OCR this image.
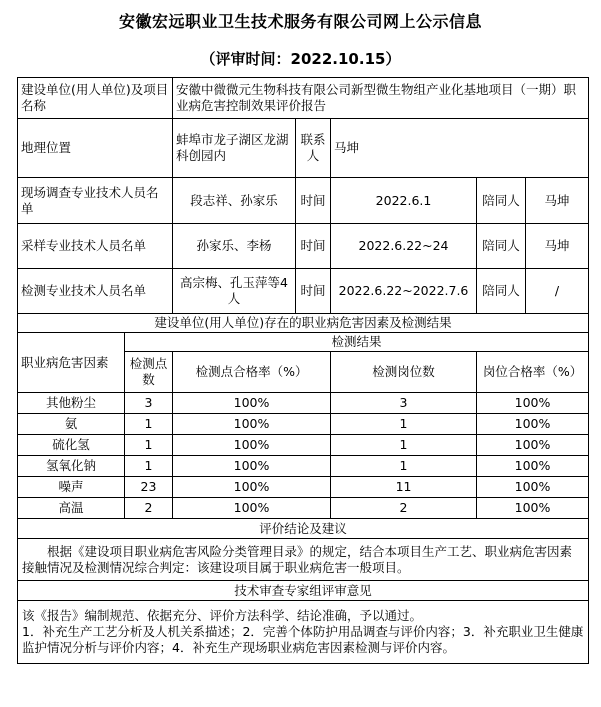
安徽宏远职业卫生技术服务有限公司网上公示信息
（评审时间：2022.10.15）
建设单位(用人单位)及项目名称		安徽中微微元生物科技有限公司新型微生物组产业化基地项目（一期）职业病危害控制效果评价报告				
地理位置		蚌埠市龙子湖区龙湖科创园内	联系人	马坤		
现场调查专业技术人员名单		段志祥、孙家乐	时间	2022.6.1	陪同人	马坤
采样专业技术人员名单		孙家乐、李杨	时间	2022.6.22~24	陪同人	马坤
检测专业技术人员名单		高宗梅、孔玉萍等4人	时间	2022.6.22~2022.7.6	陪同人	/
建设单位(用人单位)存在的职业病危害因素及检测结果						
职业病危害因素	检测结果					
	检测点数	检测点合格率（%）		检测岗位数	岗位合格率（%）	
其他粉尘	3	100%		3	100%	
氨	1	100%		1	100%	
硫化氢	1	100%		1	100%	
氢氧化钠	1	100%		1	100%	
噪声	23	100%		11	100%	
高温	2	100%		2	100%	
评价结论及建议						
根据《建设项目职业病危害风险分类管理目录》的规定，结合本项目生产工艺、职业病危害因素接触情况及检测情况综合判定：该建设项目属于职业病危害一般项目。						
技术审查专家组评审意见						

该《报告》编制规范、依据充分、评价方法科学、结论准确，予以通过。
1．补充生产工艺分析及人机关系描述；2．完善个体防护用品调查与评价内容；3．补充职业卫生健康监护情况分析与评价内容；4．补充生产现场职业病危害因素检测与评价内容。						
